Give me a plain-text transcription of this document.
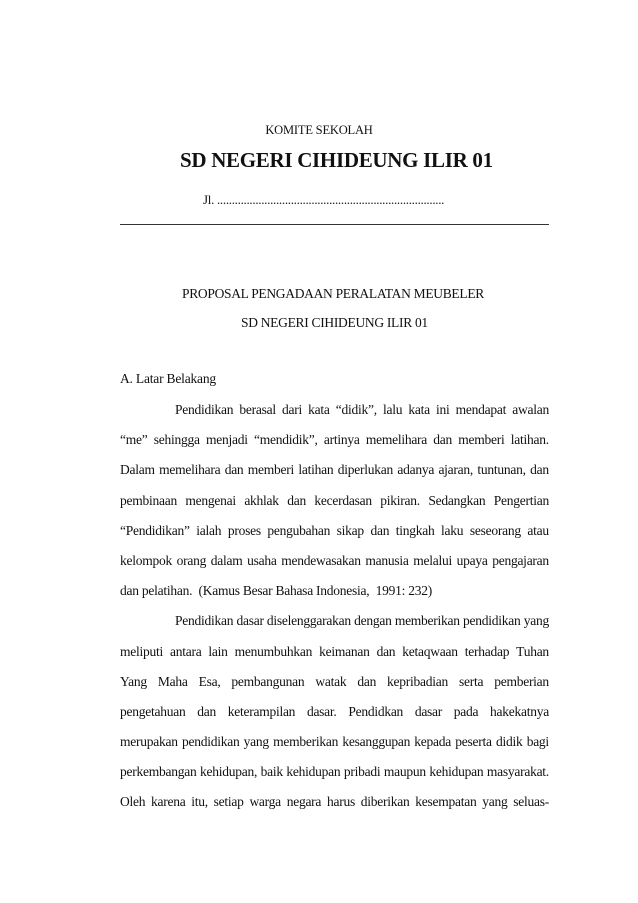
KOMITE SEKOLAH
SD NEGERI CIHIDEUNG ILIR 01
Jl. .............................................................................
PROPOSAL PENGADAAN PERALATAN MEUBELER
SD NEGERI CIHIDEUNG ILIR 01
A. Latar Belakang
Pendidikan berasal dari kata “didik”, lalu kata ini mendapat awalan
“me” sehingga menjadi “mendidik”, artinya memelihara dan memberi latihan.
Dalam memelihara dan memberi latihan diperlukan adanya ajaran, tuntunan, dan
pembinaan mengenai akhlak dan kecerdasan pikiran. Sedangkan Pengertian
“Pendidikan” ialah proses pengubahan sikap dan tingkah laku seseorang atau
kelompok orang dalam usaha mendewasakan manusia melalui upaya pengajaran
dan pelatihan.  (Kamus Besar Bahasa Indonesia,  1991: 232)
Pendidikan dasar diselenggarakan dengan memberikan pendidikan yang
meliputi antara lain menumbuhkan keimanan dan ketaqwaan terhadap Tuhan
Yang Maha Esa, pembangunan watak dan kepribadian serta pemberian
pengetahuan dan keterampilan dasar. Pendidkan dasar pada hakekatnya
merupakan pendidikan yang memberikan kesanggupan kepada peserta didik bagi
perkembangan kehidupan, baik kehidupan pribadi maupun kehidupan masyarakat.
Oleh karena itu, setiap warga negara harus diberikan kesempatan yang seluas-
